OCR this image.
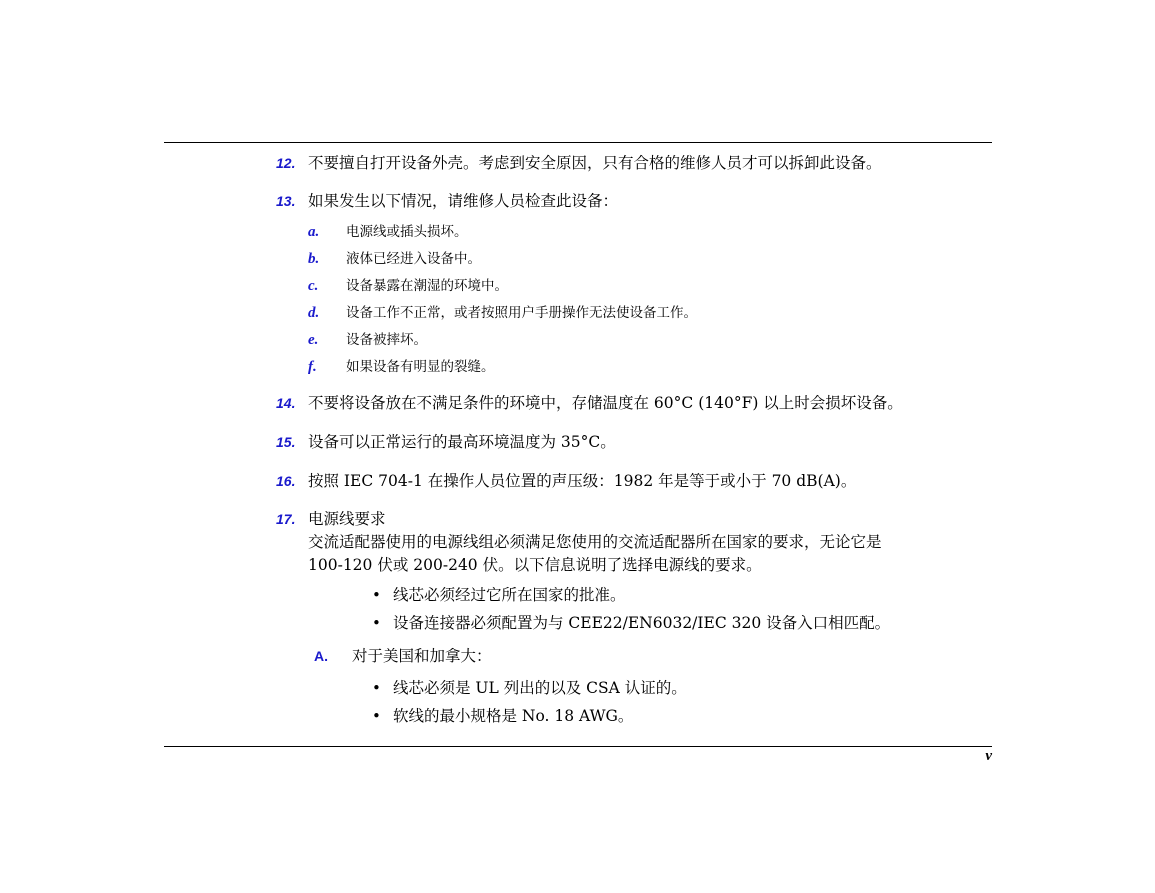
12. 不要擅自打开设备外壳。考虑到安全原因，只有合格的维修人员才可以拆卸此设备。
13. 如果发生以下情况，请维修人员检查此设备：
a.	电源线或插头损坏。
b.	液体已经进入设备中。
c.	设备暴露在潮湿的环境中。
d.	设备工作不正常，或者按照用户手册操作无法使设备工作。
e.	设备被摔坏。
f.	如果设备有明显的裂缝。
14. 不要将设备放在不满足条件的环境中，存储温度在 60°C (140°F) 以上时会损坏设备。
15. 设备可以正常运行的最高环境温度为 35°C。
16. 按照 IEC 704-1 在操作人员位置的声压级：1982 年是等于或小于 70 dB(A)。
17. 电源线要求
交流适配器使用的电源线组必须满足您使用的交流适配器所在国家的要求，无论它是
100-120 伏或 200-240 伏。以下信息说明了选择电源线的要求。
• 线芯必须经过它所在国家的批准。
• 设备连接器必须配置为与 CEE22/EN6032/IEC 320 设备入口相匹配。
A. 对于美国和加拿大：
• 线芯必须是 UL 列出的以及 CSA 认证的。
• 软线的最小规格是 No. 18 AWG。
v
